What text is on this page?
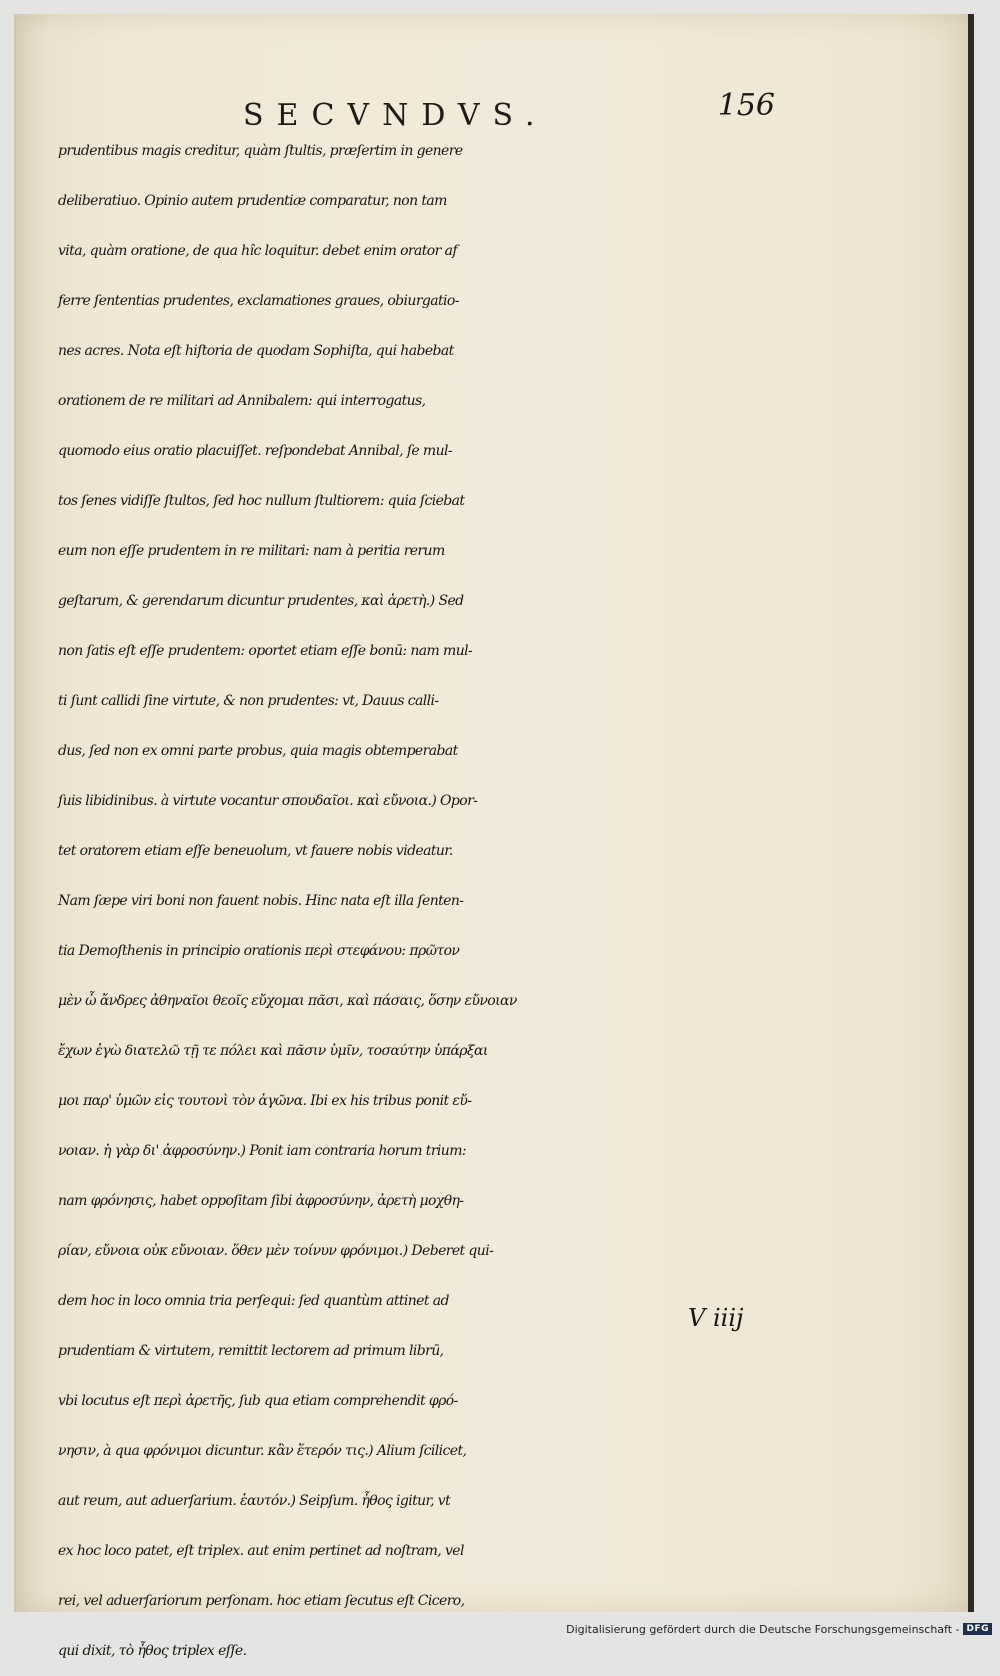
SECVNDVS.	156
prudentibus magis creditur, quàm ſtultis, præſertim in genere
deliberatiuo. Opinio autem prudentiæ comparatur, non tam
vita, quàm oratione, de qua hîc loquitur. debet enim orator af
ferre ſententias prudentes, exclamationes graues, obiurgatio-
nes acres. Nota eſt hiſtoria de quodam Sophiſta, qui habebat
orationem de re militari ad Annibalem: qui interrogatus,
quomodo eius oratio placuiſſet. reſpondebat Annibal, ſe mul-
tos ſenes vidiſſe ſtultos, ſed hoc nullum ſtultiorem: quia ſciebat
eum non eſſe prudentem in re militari: nam à peritia rerum
geſtarum, & gerendarum dicuntur prudentes, καὶ ἀρετὴ.) Sed
non ſatis eſt eſſe prudentem: oportet etiam eſſe bonū: nam mul-
ti ſunt callidi ſine virtute, & non prudentes: vt, Dauus calli-
dus, ſed non ex omni parte probus, quia magis obtemperabat
ſuis libidinibus. à virtute vocantur σπουδαῖοι. καὶ εὔνοια.) Opor-
tet oratorem etiam eſſe beneuolum, vt fauere nobis videatur.
Nam ſæpe viri boni non fauent nobis. Hinc nata eſt illa ſenten-
tia Demoſthenis in principio orationis περὶ στεφάνου: πρῶτον
μὲν ὦ ἄνδρες ἀθηναῖοι θεοῖς εὔχομαι πᾶσι, καὶ πάσαις, ὅσην εὔνοιαν
ἔχων ἐγὼ διατελῶ τῇ τε πόλει καὶ πᾶσιν ὑμῖν, τοσαύτην ὑπάρξαι
μοι παρ' ὑμῶν εἰς τουτονὶ τὸν ἀγῶνα. Ibi ex his tribus ponit εὔ-
νοιαν. ἡ γὰρ δι' ἀφροσύνην.) Ponit iam contraria horum trium:
nam φρόνησις, habet oppoſitam ſibi ἀφροσύνην, ἀρετὴ μοχθη-
ρίαν, εὔνοια οὐκ εὔνοιαν. ὅθεν μὲν τοίνυν φρόνιμοι.) Deberet qui-
dem hoc in loco omnia tria perſequi: ſed quantùm attinet ad
prudentiam & virtutem, remittit lectorem ad primum librū,
vbi locutus eſt περὶ ἀρετῆς, ſub qua etiam comprehendit φρό-
νησιν, à qua φρόνιμοι dicuntur. κἂν ἕτερόν τις.) Alium ſcilicet,
aut reum, aut aduerſarium. ἑαυτόν.) Seipſum. ἦθος igitur, vt
ex hoc loco patet, eſt triplex. aut enim pertinet ad noſtram, vel
rei, vel aduerſariorum perſonam. hoc etiam ſecutus eſt Cicero,
qui dixit, τὸ ἦθος triplex eſſe.
V iiij
Digitalisierung gefördert durch die Deutsche Forschungsgemeinschaft - DFG
